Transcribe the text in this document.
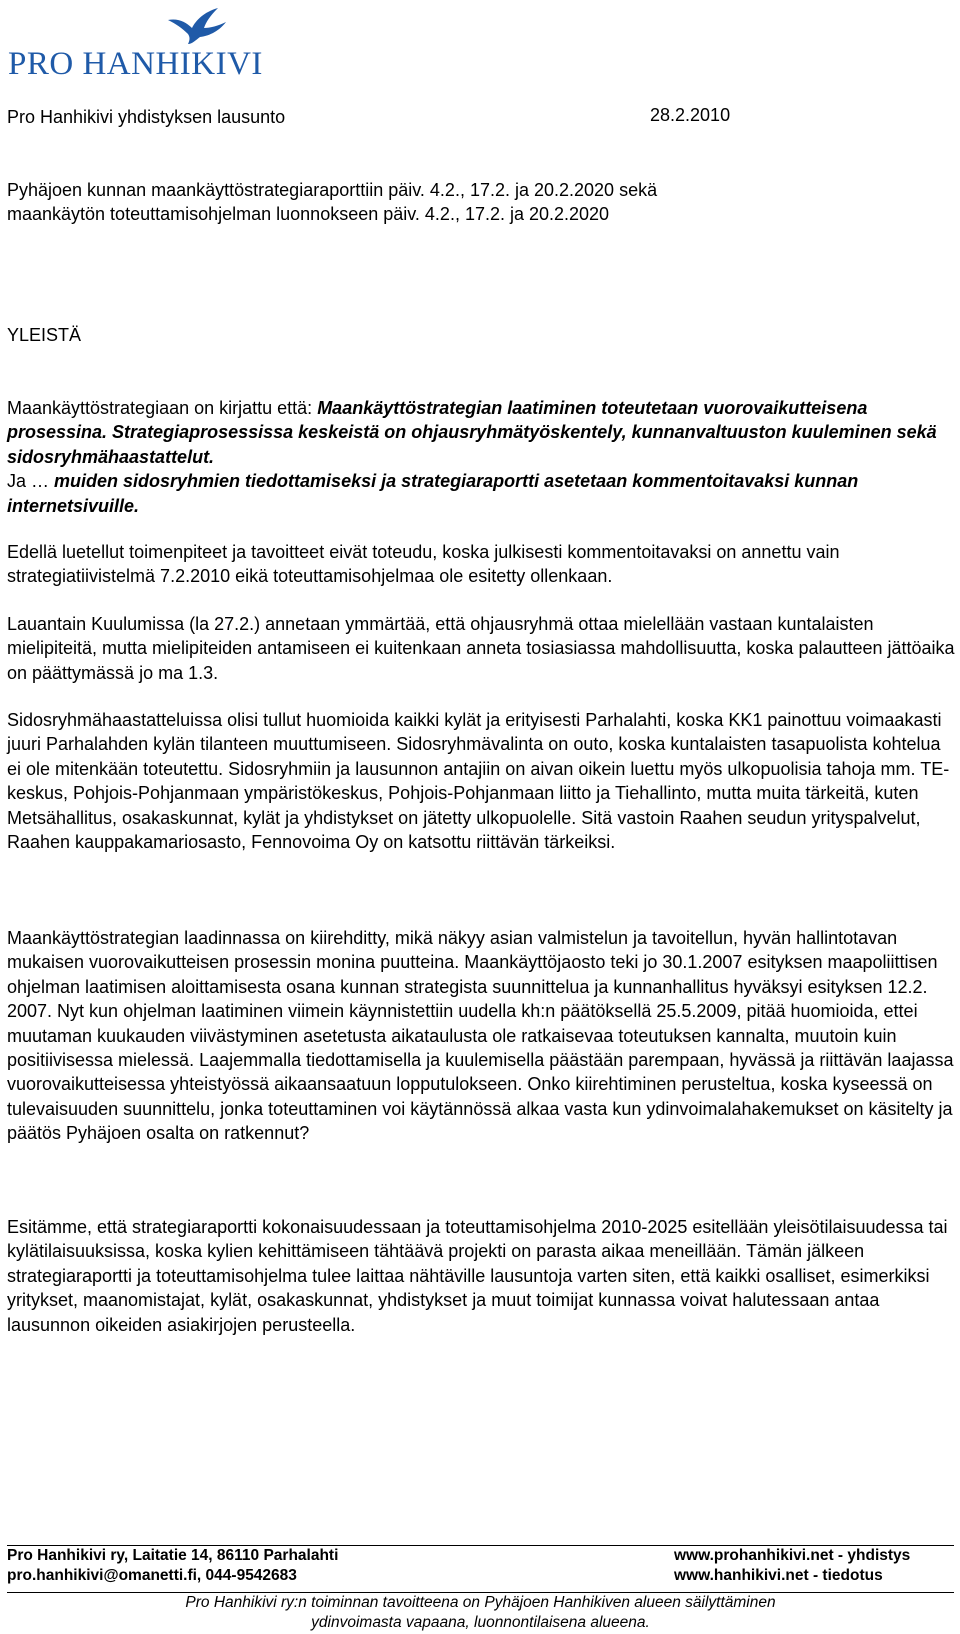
PRO HANHIKIVI
Pro Hanhikivi yhdistyksen lausunto	28.2.2010
Pyhäjoen kunnan maankäyttöstrategiaraporttiin päiv. 4.2., 17.2. ja 20.2.2020 sekä
maankäytön toteuttamisohjelman luonnokseen päiv. 4.2., 17.2. ja 20.2.2020
YLEISTÄ

Maankäyttöstrategiaan on kirjattu että: Maankäyttöstrategian laatiminen toteutetaan vuorovaikutteisena prosessina. Strategiaprosessissa keskeistä on ohjausryhmätyöskentely, kunnanvaltuuston kuuleminen sekä sidosryhmähaastattelut.
Ja … muiden sidosryhmien tiedottamiseksi ja strategiaraportti asetetaan kommentoitavaksi kunnan internetsivuille.

Edellä luetellut toimenpiteet ja tavoitteet eivät toteudu, koska julkisesti kommentoitavaksi on annettu vain strategiatiivistelmä 7.2.2010 eikä toteuttamisohjelmaa ole esitetty ollenkaan.

Lauantain Kuulumissa (la 27.2.) annetaan ymmärtää, että ohjausryhmä ottaa mielellään vastaan kuntalaisten mielipiteitä, mutta mielipiteiden antamiseen ei kuitenkaan anneta tosiasiassa mahdollisuutta, koska palautteen jättöaika on päättymässä jo ma 1.3.

Sidosryhmähaastatteluissa olisi tullut huomioida kaikki kylät ja erityisesti Parhalahti, koska KK1 painottuu voimaakasti juuri Parhalahden kylän tilanteen muuttumiseen. Sidosryhmävalinta on outo, koska kuntalaisten tasapuolista kohtelua ei ole mitenkään toteutettu. Sidosryhmiin ja lausunnon antajiin on aivan oikein luettu myös ulkopuolisia tahoja mm. TE-keskus, Pohjois-Pohjanmaan ympäristökeskus, Pohjois-Pohjanmaan liitto ja Tiehallinto, mutta muita tärkeitä, kuten Metsähallitus, osakaskunnat, kylät ja yhdistykset on jätetty ulkopuolelle. Sitä vastoin Raahen seudun yrityspalvelut, Raahen kauppakamariosasto, Fennovoima Oy on katsottu riittävän tärkeiksi.

Maankäyttöstrategian laadinnassa on kiirehditty, mikä näkyy asian valmistelun ja tavoitellun, hyvän hallintotavan mukaisen vuorovaikutteisen prosessin monina puutteina. Maankäyttöjaosto teki jo 30.1.2007 esityksen maapoliittisen ohjelman laatimisen aloittamisesta osana kunnan strategista suunnittelua ja kunnanhallitus hyväksyi esityksen 12.2. 2007. Nyt kun ohjelman laatiminen viimein käynnistettiin uudella kh:n päätöksellä 25.5.2009, pitää huomioida, ettei muutaman kuukauden viivästyminen asetetusta aikataulusta ole ratkaisevaa toteutuksen kannalta, muutoin kuin positiivisessa mielessä. Laajemmalla tiedottamisella ja kuulemisella päästään parempaan, hyvässä ja riittävän laajassa vuorovaikutteisessa yhteistyössä aikaansaatuun lopputulokseen. Onko kiirehtiminen perusteltua, koska kyseessä on tulevaisuuden suunnittelu, jonka toteuttaminen voi käytännössä alkaa vasta kun ydinvoimalahakemukset on käsitelty ja päätös Pyhäjoen osalta on ratkennut?

Esitämme, että strategiaraportti kokonaisuudessaan ja toteuttamisohjelma 2010-2025 esitellään yleisötilaisuudessa tai kylätilaisuuksissa, koska kylien kehittämiseen tähtäävä projekti on parasta aikaa meneillään. Tämän jälkeen strategiaraportti ja toteuttamisohjelma tulee laittaa nähtäville lausuntoja varten siten, että kaikki osalliset, esimerkiksi yritykset, maanomistajat, kylät, osakaskunnat, yhdistykset ja muut toimijat kunnassa voivat halutessaan antaa lausunnon oikeiden asiakirjojen perusteella.

Pro Hanhikivi ry, Laitatie 14, 86110 Parhalahti	www.prohanhikivi.net - yhdistys
pro.hanhikivi@omanetti.fi, 044-9542683	www.hanhikivi.net - tiedotus
Pro Hanhikivi ry:n toiminnan tavoitteena on Pyhäjoen Hanhikiven alueen säilyttäminen
ydinvoimasta vapaana, luonnontilaisena alueena.
